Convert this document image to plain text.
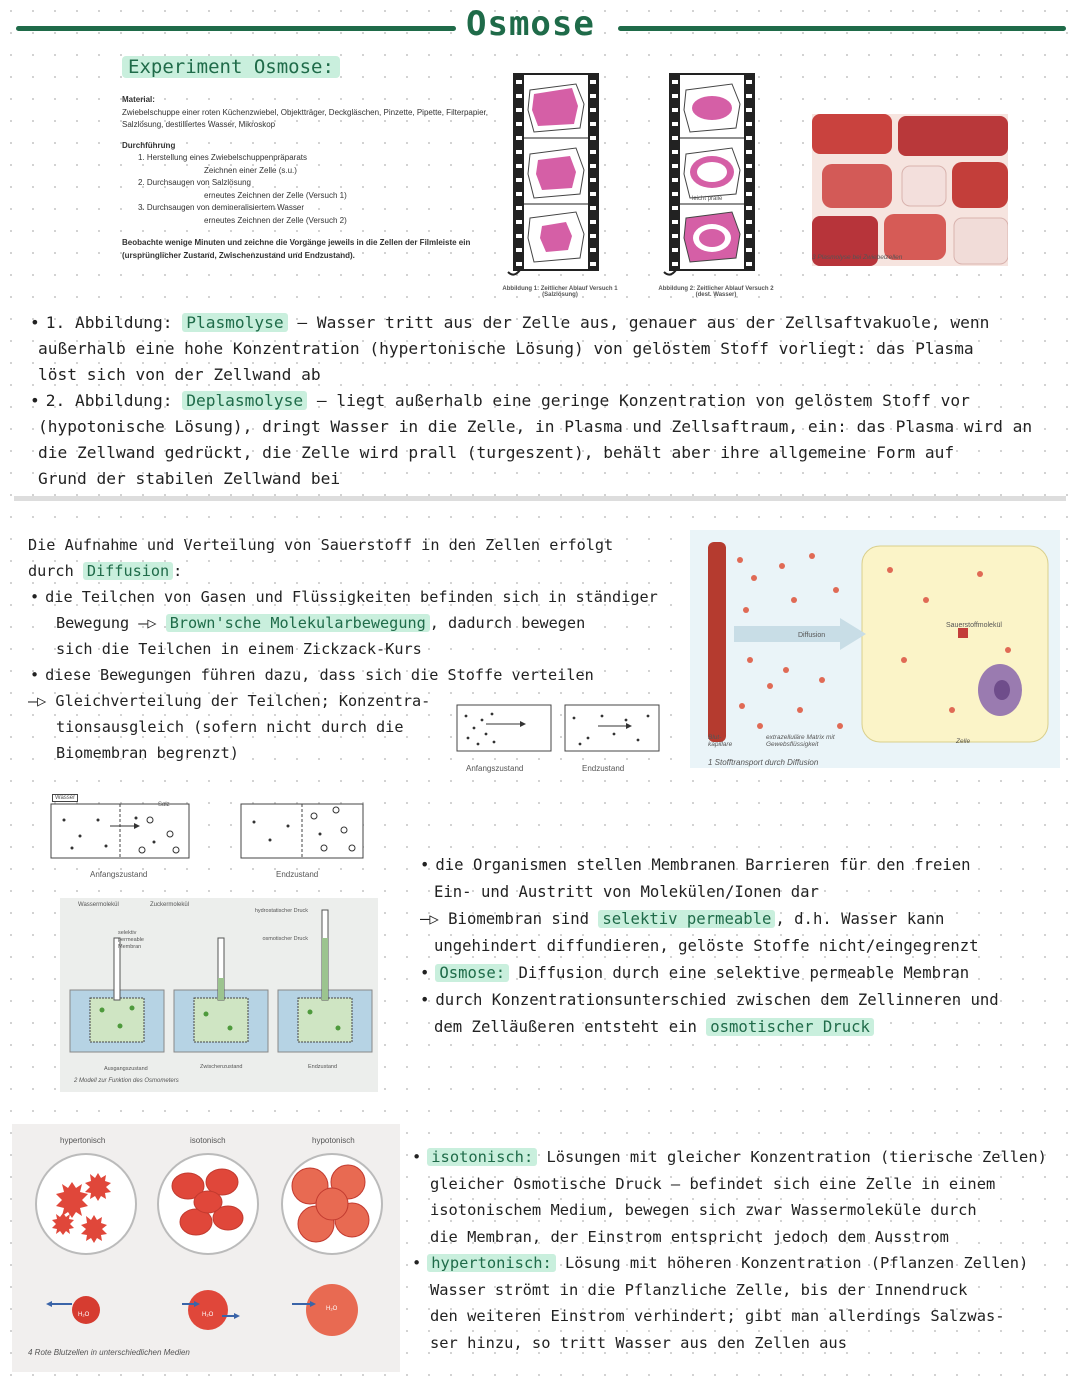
Osmose
Experiment Osmose:
Material:
Zwiebelschuppe einer roten Küchenzwiebel, Objektträger, Deckgläschen, Pinzette, Pipette, Filterpapier, Salzlösung, destilliertes Wasser, Mikroskop
Durchführung
1. Herstellung eines Zwiebelschuppenpräparats
Zeichnen einer Zelle (s.u.)
2. Durchsaugen von Salzlösung
erneutes Zeichnen der Zelle (Versuch 1)
3. Durchsaugen von demineralisiertem Wasser
erneutes Zeichnen der Zelle (Versuch 2)
Beobachte wenige Minuten und zeichne die Vorgänge jeweils in die Zellen der Filmleiste ein (ursprünglicher Zustand, Zwischenzustand und Endzustand).
leicht pralle
Abbildung 1: Zeitlicher Ablauf Versuch 1 (Salzlösung)
Abbildung 2: Zeitlicher Ablauf Versuch 2 (dest. Wasser)
3 Plasmolyse bei Zwiebelzellen
• 1. Abbildung: Plasmolyse – Wasser tritt aus der Zelle aus, genauer aus der Zellsaftvakuole, wenn
außerhalb eine hohe Konzentration (hypertonische Lösung) von gelöstem Stoff vorliegt: das Plasma
löst sich von der Zellwand ab
• 2. Abbildung: Deplasmolyse – liegt außerhalb eine geringe Konzentration von gelöstem Stoff vor
(hypotonische Lösung), dringt Wasser in die Zelle, in Plasma und Zellsaftraum, ein: das Plasma wird an
die Zellwand gedrückt, die Zelle wird prall (turgeszent), behält aber ihre allgemeine Form auf
Grund der stabilen Zellwand bei
Die Aufnahme und Verteilung von Sauerstoff in den Zellen erfolgt
durch Diffusion :
• die Teilchen von Gasen und Flüssigkeiten befinden sich in ständiger
Bewegung —▷ Brown'sche Molekularbewegung , dadurch bewegen
sich die Teilchen in einem Zickzack-Kurs
• diese Bewegungen führen dazu, dass sich die Stoffe verteilen
—▷ Gleichverteilung der Teilchen; Konzentra-
tionsausgleich (sofern nicht durch die
Biomembran begrenzt)
Anfangszustand	Endzustand
Diffusion
Sauerstoffmolekül
Blut-kapillare
extrazelluläre Matrix mit Gewebsflüssigkeit	Zelle
1 Stofftransport durch Diffusion
Wasser
Salz
Anfangszustand	Endzustand
Wassermolekül	Zuckermolekül
selektiv permeable Membran
hydrostatischer Druck
osmotischer Druck
Ausgangszustand	Zwischenzustand	Endzustand
2 Modell zur Funktion des Osmometers
• die Organismen stellen Membranen Barrieren für den freien
Ein- und Austritt von Molekülen/Ionen dar
—▷ Biomembran sind selektiv permeable , d.h. Wasser kann
ungehindert diffundieren, gelöste Stoffe nicht/eingegrenzt
• Osmose: Diffusion durch eine selektive permeable Membran
• durch Konzentrationsunterschied zwischen dem Zellinneren und
dem Zelläußeren entsteht ein osmotischer Druck
hypertonisch	isotonisch	hypotonisch
H₂O	H₂O
H₂O
4 Rote Blutzellen in unterschiedlichen Medien
• isotonisch: Lösungen mit gleicher Konzentration (tierische Zellen)
gleicher Osmotische Druck – befindet sich eine Zelle in einem
isotonischem Medium, bewegen sich zwar Wassermoleküle durch
die Membran, der Einstrom entspricht jedoch dem Ausstrom
• hypertonisch: Lösung mit höheren Konzentration (Pflanzen Zellen)
Wasser strömt in die Pflanzliche Zelle, bis der Innendruck
den weiteren Einstrom verhindert; gibt man allerdings Salzwas-
ser hinzu, so tritt Wasser aus den Zellen aus
